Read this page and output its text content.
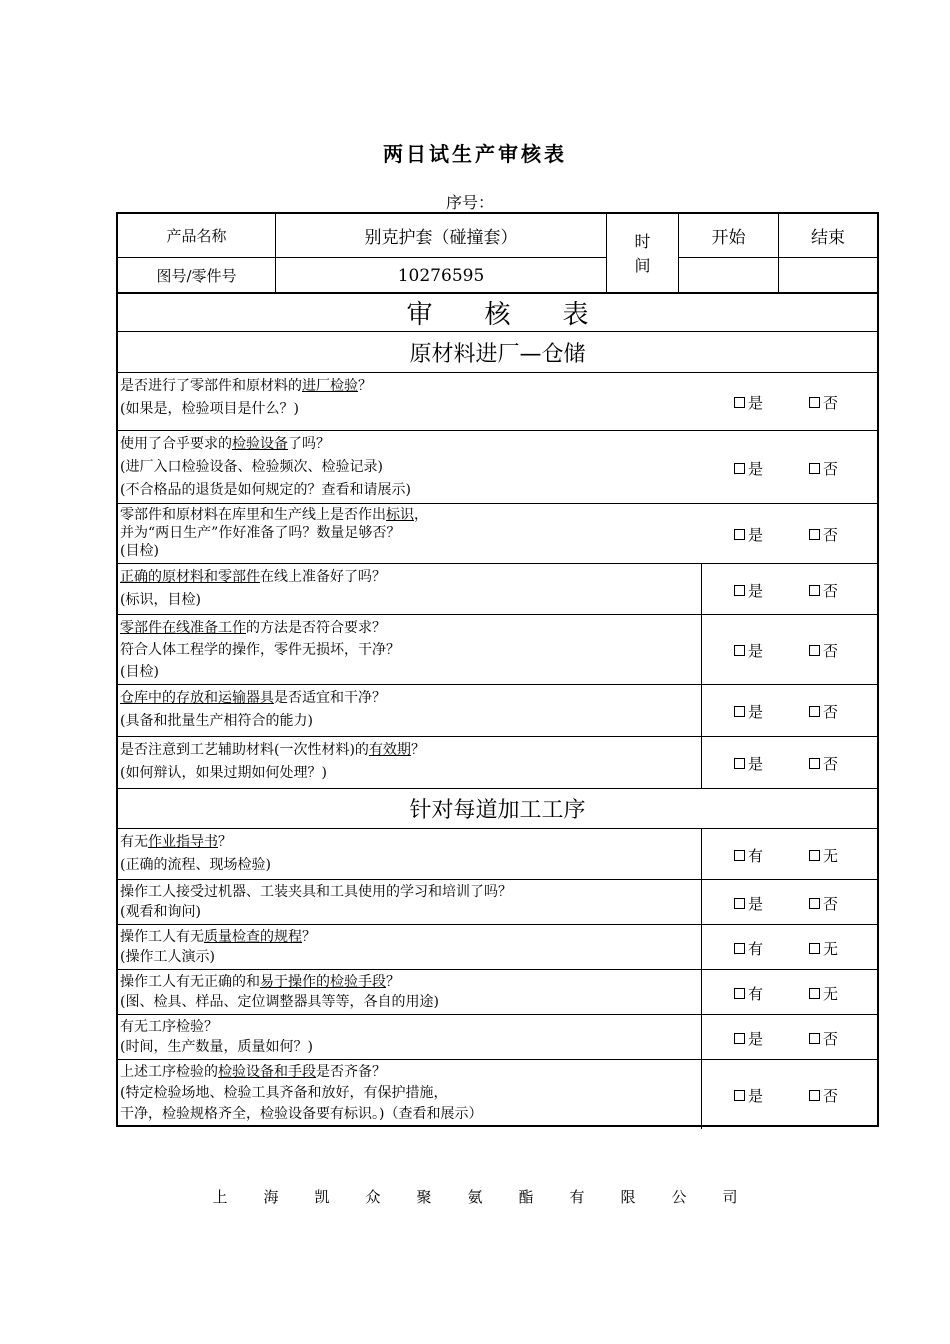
两日试生产审核表
序号：
产品名称	别克护套（碰撞套）
图号/零件号	10276595
时
间
开始	结束
审　　核　　表
原材料进厂—仓储
是否进行了零部件和原材料的进厂检验？
(如果是，检验项目是什么？)	是	否
使用了合乎要求的检验设备了吗？
(进厂入口检验设备、检验频次、检验记录)
(不合格品的退货是如何规定的？查看和请展示)
是	否
零部件和原材料在库里和生产线上是否作出标识，
并为“两日生产”作好准备了吗？数量足够否？
(目检)
是	否
正确的原材料和零部件在线上准备好了吗？
(标识，目检)	是	否
零部件在线准备工作的方法是否符合要求？
符合人体工程学的操作，零件无损坏，干净？
(目检)
是	否
仓库中的存放和运输器具是否适宜和干净？
(具备和批量生产相符合的能力)	是	否
是否注意到工艺辅助材料(一次性材料)的有效期？
(如何辩认，如果过期如何处理？)	是	否
针对每道加工工序
有无作业指导书？
(正确的流程、现场检验)	有	无
操作工人接受过机器、工装夹具和工具使用的学习和培训了吗？
(观看和询问)	是	否
操作工人有无质量检查的规程？
(操作工人演示)	有	无
操作工人有无正确的和易于操作的检验手段？
(图、检具、样品、定位调整器具等等，各自的用途)	有	无
有无工序检验？
(时间，生产数量，质量如何？)	是	否
上述工序检验的检验设备和手段是否齐备？
(特定检验场地、检验工具齐备和放好，有保护措施，
干净，检验规格齐全，检验设备要有标识。)（查看和展示）
是	否
上	海	凯	众	聚	氨	酯	有	限	公	司
